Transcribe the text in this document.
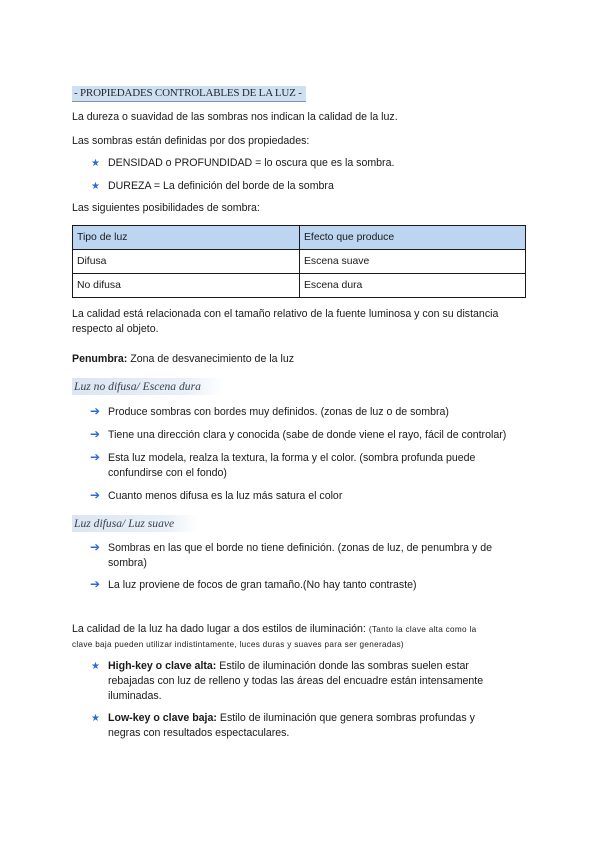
- PROPIEDADES CONTROLABLES DE LA LUZ -
La dureza o suavidad de las sombras nos indican la calidad de la luz.
Las sombras están definidas por dos propiedades:
★ DENSIDAD o PROFUNDIDAD = lo oscura que es la sombra.
★ DUREZA = La definición del borde de la sombra
Las siguientes posibilidades de sombra:
Tipo de luz	Efecto que produce
Difusa	Escena suave
No difusa	Escena dura
La calidad está relacionada con el tamaño relativo de la fuente luminosa y con su distancia
respecto al objeto.
Penumbra: Zona de desvanecimiento de la luz
Luz no difusa/ Escena dura
➔ Produce sombras con bordes muy definidos. (zonas de luz o de sombra)
➔ Tiene una dirección clara y conocida (sabe de donde viene el rayo, fácil de controlar)
➔ Esta luz modela, realza la textura, la forma y el color. (sombra profunda puede
confundirse con el fondo)
➔ Cuanto menos difusa es la luz más satura el color
Luz difusa/ Luz suave
➔ Sombras en las que el borde no tiene definición. (zonas de luz, de penumbra y de
sombra)
➔ La luz proviene de focos de gran tamaño.(No hay tanto contraste)
La calidad de la luz ha dado lugar a dos estilos de iluminación: (Tanto la clave alta como la
clave baja pueden utilizar indistintamente, luces duras y suaves para ser generadas)
★ High-key o clave alta: Estilo de iluminación donde las sombras suelen estar
rebajadas con luz de relleno y todas las áreas del encuadre están intensamente
iluminadas.
★ Low-key o clave baja: Estilo de iluminación que genera sombras profundas y
negras con resultados espectaculares.
